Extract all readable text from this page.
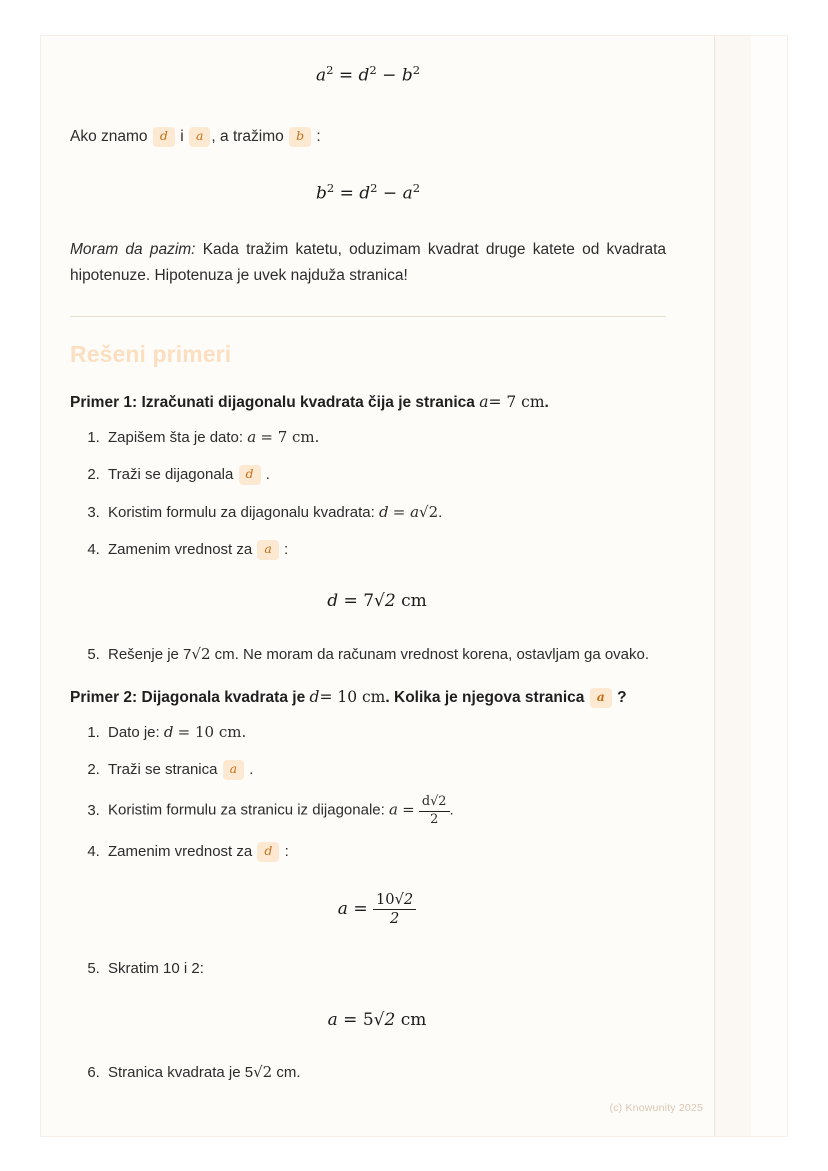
$a^2 = d^2 - b^2$
Ako znamo d i a , a tražimo b :
$b^2 = d^2 - a^2$
Moram da pazim: Kada tražim katetu, oduzimam kvadrat druge katete od kvadrata hipotenuze. Hipotenuza je uvek najduža stranica!
Rešeni primeri
Primer 1: Izračunati dijagonalu kvadrata čija je stranica a= 7 cm.
1. Zapišem šta je dato: a = 7 cm.
2. Traži se dijagonala d .
3. Koristim formulu za dijagonalu kvadrata: d = a√2.
4. Zamenim vrednost za a :
d = 7√2 cm
5. Rešenje je 7√2 cm. Ne moram da računam vrednost korena, ostavljam ga ovako.
Primer 2: Dijagonala kvadrata je d= 10 cm. Kolika je njegova stranica a ?
1. Dato je: d = 10 cm.
2. Traži se stranica a .
3. Koristim formulu za stranicu iz dijagonale: $a = \frac{d√2}{2}$ .
4. Zamenim vrednost za d :
$a = \frac{10√2}{2}$
5. Skratim 10 i 2:
a = 5√2 cm
6. Stranica kvadrata je 5√2 cm.
(c) Knowunity 2025
